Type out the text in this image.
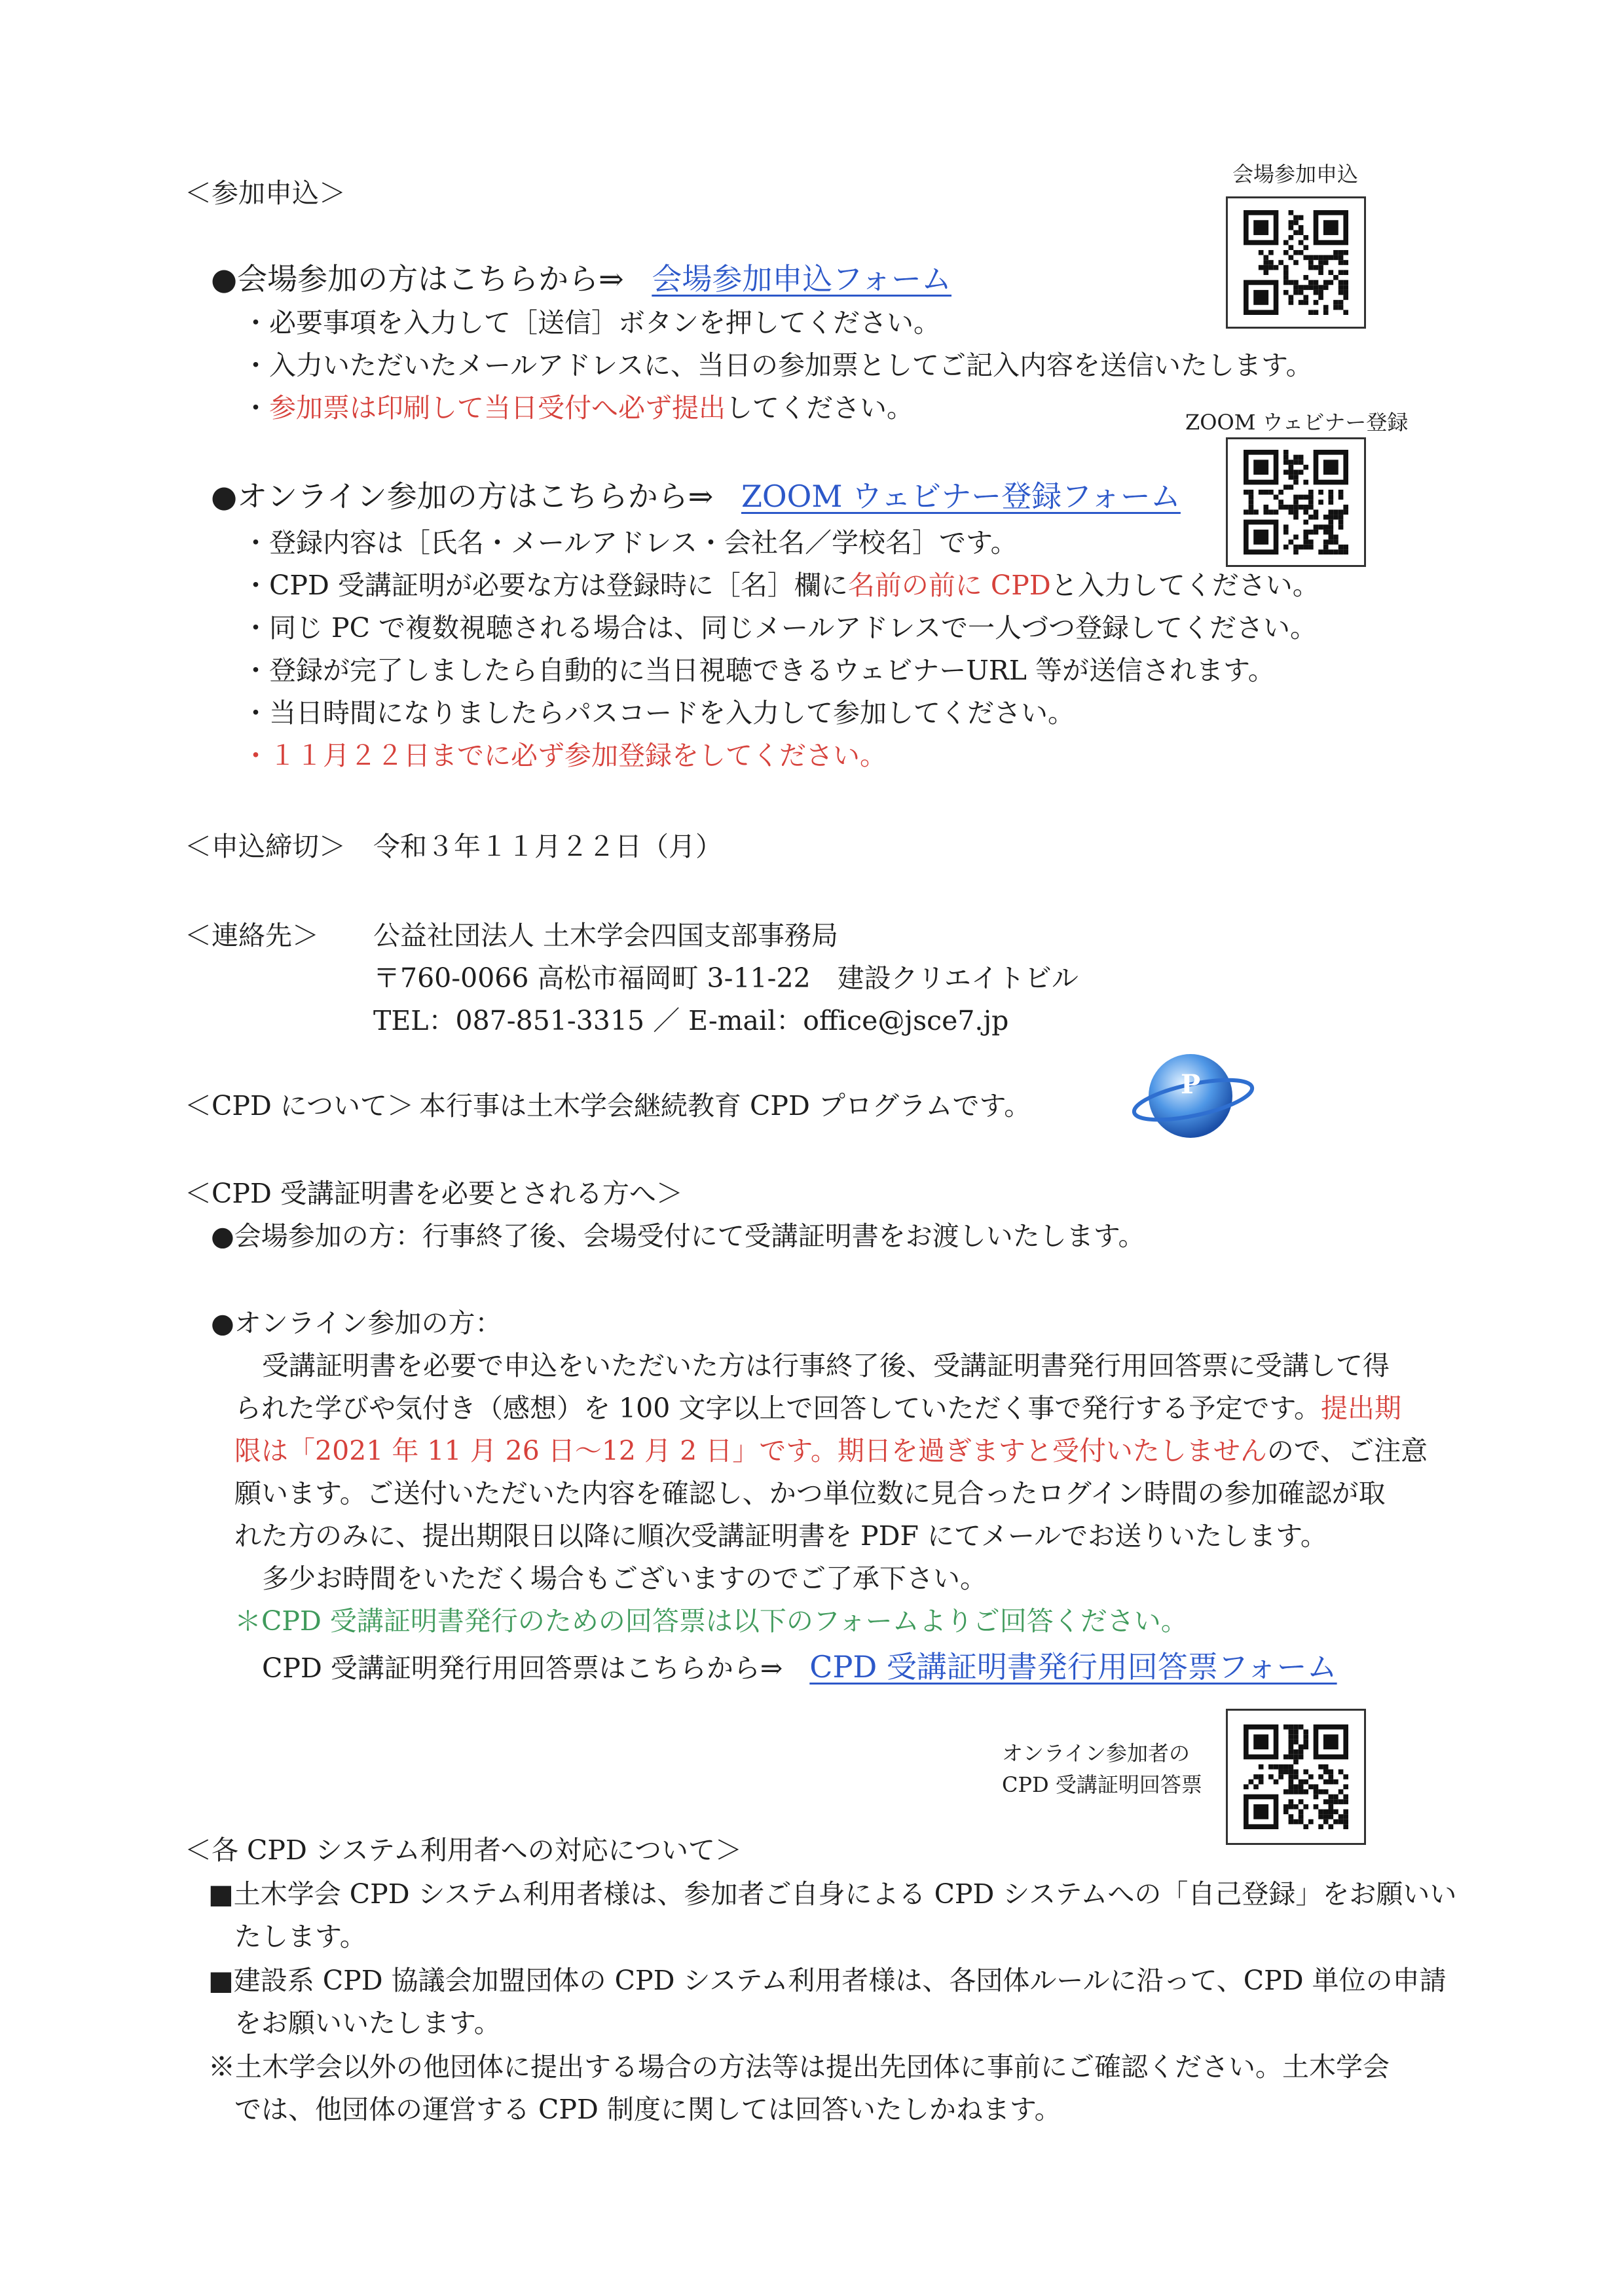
＜参加申込＞
会場参加申込
●会場参加の方はこちらから⇒ 会場参加申込フォーム
・必要事項を入力して［送信］ボタンを押してください。
・入力いただいたメールアドレスに、当日の参加票としてご記入内容を送信いたします。
・参加票は印刷して当日受付へ必ず提出してください。	ZOOM ウェビナー登録
●オンライン参加の方はこちらから⇒ ZOOM ウェビナー登録フォーム
・登録内容は［氏名・メールアドレス・会社名／学校名］です。
・CPD 受講証明が必要な方は登録時に［名］欄に名前の前に CPDと入力してください。
・同じ PC で複数視聴される場合は、同じメールアドレスで一人づつ登録してください。
・登録が完了しましたら自動的に当日視聴できるウェビナーURL 等が送信されます。
・当日時間になりましたらパスコードを入力して参加してください。
・１１月２２日までに必ず参加登録をしてください。
＜申込締切＞ 令和３年１１月２２日（月）
＜連絡先＞ 公益社団法人 土木学会四国支部事務局
〒760-0066 高松市福岡町 3-11-22　建設クリエイトビル
TEL：087-851-3315 ／ E-mail：office@jsce7.jp
＜CPD について＞ 本行事は土木学会継続教育 CPD プログラムです。
P
＜CPD 受講証明書を必要とされる方へ＞
●会場参加の方：行事終了後、会場受付にて受講証明書をお渡しいたします。
●オンライン参加の方：
受講証明書を必要で申込をいただいた方は行事終了後、受講証明書発行用回答票に受講して得
られた学びや気付き（感想）を 100 文字以上で回答していただく事で発行する予定です。提出期
限は「2021 年 11 月 26 日～12 月 2 日」です。期日を過ぎますと受付いたしませんので、ご注意
願います。ご送付いただいた内容を確認し、かつ単位数に見合ったログイン時間の参加確認が取
れた方のみに、提出期限日以降に順次受講証明書を PDF にてメールでお送りいたします。
多少お時間をいただく場合もございますのでご了承下さい。
＊CPD 受講証明書発行のための回答票は以下のフォームよりご回答ください。
CPD 受講証明発行用回答票はこちらから⇒ CPD 受講証明書発行用回答票フォーム
オンライン参加者の
CPD 受講証明回答票
＜各 CPD システム利用者への対応について＞
■土木学会 CPD システム利用者様は、参加者ご自身による CPD システムへの「自己登録」をお願いい
たします。
■建設系 CPD 協議会加盟団体の CPD システム利用者様は、各団体ルールに沿って、CPD 単位の申請
をお願いいたします。
※土木学会以外の他団体に提出する場合の方法等は提出先団体に事前にご確認ください。土木学会
では、他団体の運営する CPD 制度に関しては回答いたしかねます。
